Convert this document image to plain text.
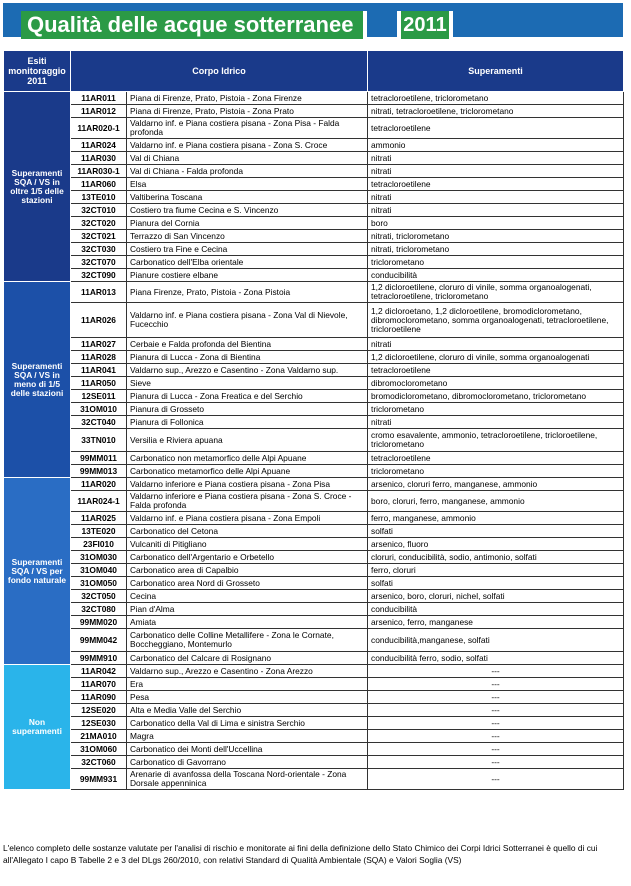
Qualità delle acque sotterranee	2011
Esiti monitoraggio 2011	Corpo Idrico		Superamenti
Superamenti SQA / VS in oltre 1/5 delle stazioni	11AR011	Piana di Firenze, Prato, Pistoia - Zona Firenze	tetracloroetilene, triclorometano
	11AR012	Piana di Firenze, Prato, Pistoia - Zona Prato	nitrati, tetracloroetilene, triclorometano
	11AR020-1	Valdarno inf. e Piana costiera pisana - Zona Pisa - Falda profonda	tetracloroetilene
	11AR024	Valdarno inf. e Piana costiera pisana - Zona S. Croce	ammonio
	11AR030	Val di Chiana	nitrati
	11AR030-1	Val di Chiana - Falda profonda	nitrati
	11AR060	Elsa	tetracloroetilene
	13TE010	Valtiberina Toscana	nitrati
	32CT010	Costiero tra fiume Cecina e S. Vincenzo	nitrati
	32CT020	Pianura del Cornia	boro
	32CT021	Terrazzo di San Vincenzo	nitrati, triclorometano
	32CT030	Costiero tra Fine e Cecina	nitrati, triclorometano
	32CT070	Carbonatico dell'Elba orientale	triclorometano
	32CT090	Pianure costiere elbane	conducibilità
Superamenti SQA / VS in meno di 1/5 delle stazioni	11AR013	Piana Firenze, Prato, Pistoia - Zona Pistoia	1,2 dicloroetilene, cloruro di vinile, somma organoalogenati, tetracloroetilene, triclorometano
	11AR026	Valdarno inf. e Piana costiera pisana - Zona Val di Nievole, Fucecchio	1,2 dicloroetano, 1,2 dicloroetilene, bromodiclorometano, dibromoclorometano, somma organoalogenati, tetracloroetilene, tricloroetilene
	11AR027	Cerbaie e Falda profonda del Bientina	nitrati
	11AR028	Pianura di Lucca - Zona di Bientina	1,2 dicloroetilene, cloruro di vinile, somma organoalogenati
	11AR041	Valdarno sup., Arezzo e Casentino - Zona Valdarno sup.	tetracloroetilene
	11AR050	Sieve	dibromoclorometano
	12SE011	Pianura di Lucca - Zona Freatica e del Serchio	bromodiclorometano, dibromoclorometano, triclorometano
	31OM010	Pianura di Grosseto	triclorometano
	32CT040	Pianura di Follonica	nitrati
	33TN010	Versilia e Riviera apuana	cromo esavalente, ammonio, tetracloroetilene, tricloroetilene, triclorometano
	99MM011	Carbonatico non metamorfico delle Alpi Apuane	tetracloroetilene
	99MM013	Carbonatico metamorfico delle Alpi Apuane	triclorometano
Superamenti SQA / VS per fondo naturale	11AR020	Valdarno inferiore e Piana costiera pisana - Zona Pisa	arsenico, cloruri ferro, manganese, ammonio
	11AR024-1	Valdarno inferiore e Piana costiera pisana - Zona S. Croce - Falda profonda	boro, cloruri, ferro, manganese, ammonio
	11AR025	Valdarno inf. e Piana costiera pisana - Zona Empoli	ferro, manganese, ammonio
	13TE020	Carbonatico del Cetona	solfati
	23FI010	Vulcaniti di Pitigliano	arsenico, fluoro
	31OM030	Carbonatico dell'Argentario e Orbetello	cloruri, conducibilità, sodio, antimonio, solfati
	31OM040	Carbonatico area di Capalbio	ferro, cloruri
	31OM050	Carbonatico area Nord di Grosseto	solfati
	32CT050	Cecina	arsenico, boro, cloruri, nichel, solfati
	32CT080	Pian d'Alma	conducibilità
	99MM020	Amiata	arsenico, ferro, manganese
	99MM042	Carbonatico delle Colline Metallifere - Zona le Cornate, Boccheggiano, Montemurlo	conducibilità,manganese, solfati
	99MM910	Carbonatico del Calcare di Rosignano	conducibilità ferro, sodio, solfati
Non superamenti	11AR042	Valdarno sup., Arezzo e Casentino - Zona Arezzo	---
	11AR070	Era	---
	11AR090	Pesa	---
	12SE020	Alta e Media Valle del Serchio	---
	12SE030	Carbonatico della Val di Lima e sinistra Serchio	---
	21MA010	Magra	---
	31OM060	Carbonatico dei Monti dell'Uccellina	---
	32CT060	Carbonatico di Gavorrano	---
	99MM931	Arenarie di avanfossa della Toscana Nord-orientale - Zona Dorsale appenninica	---
L'elenco completo delle sostanze valutate per l'analisi di rischio e monitorate ai fini della definizione dello Stato Chimico dei Corpi Idrici Sotterranei è quello di cui all'Allegato I capo B Tabelle 2 e 3 del DLgs 260/2010, con relativi Standard di Qualità Ambientale (SQA) e Valori Soglia (VS)
